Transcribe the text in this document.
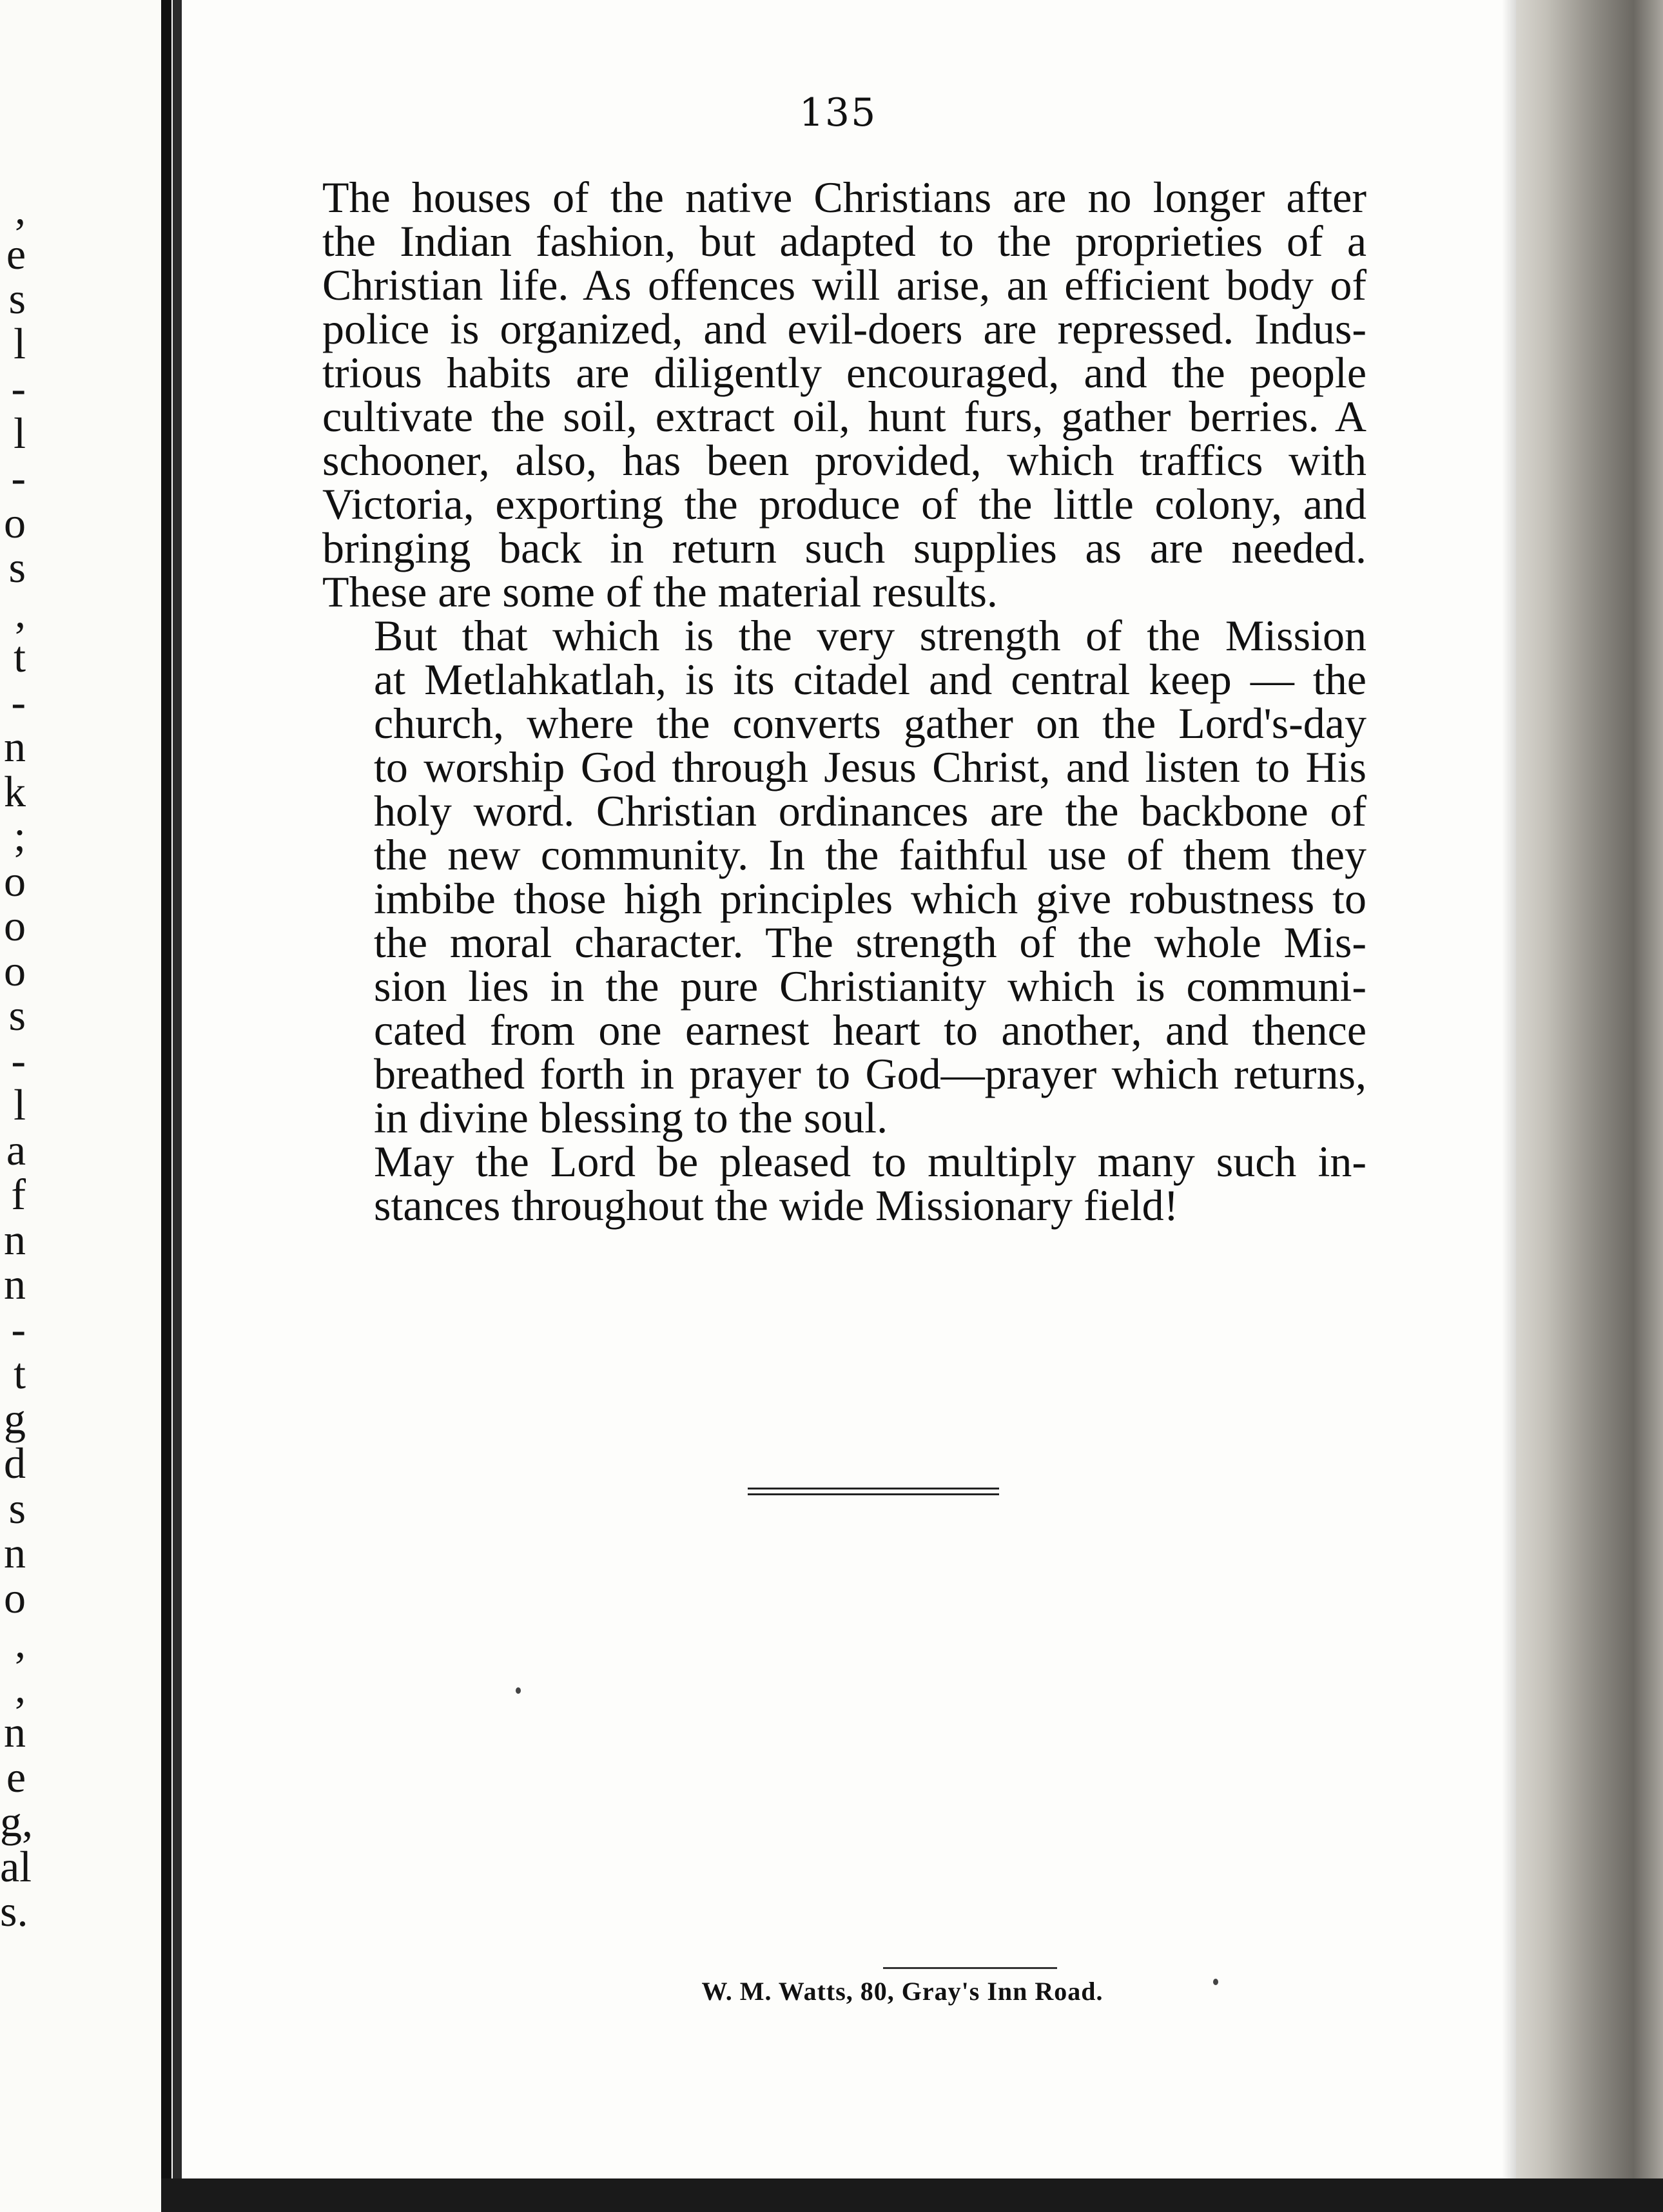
,
e
s
l
-
l
-
o
s
,
t
-
n
k
;
o
o
o
s
-
l
a
f
n
n
-
t
g
d
s
n
o
,
,
n
e
g,
al
s.
135

The houses of the native Christians are no longer after
the Indian fashion, but adapted to the proprieties of a
Christian life. As offences will arise, an efficient body of
police is organized, and evil-doers are repressed. Indus-
trious habits are diligently encouraged, and the people
cultivate the soil, extract oil, hunt furs, gather berries. A
schooner, also, has been provided, which traffics with
Victoria, exporting the produce of the little colony, and
bringing back in return such supplies as are needed.
These are some of the material results.

But that which is the very strength of the Mission
at Metlahkatlah, is its citadel and central keep — the
church, where the converts gather on the Lord's-day
to worship God through Jesus Christ, and listen to His
holy word. Christian ordinances are the backbone of
the new community. In the faithful use of them they
imbibe those high principles which give robustness to
the moral character. The strength of the whole Mis-
sion lies in the pure Christianity which is communi-
cated from one earnest heart to another, and thence
breathed forth in prayer to God—prayer which returns,
in divine blessing to the soul.

May the Lord be pleased to multiply many such in-
stances throughout the wide Missionary field!

W. M. Watts, 80, Gray's Inn Road.
